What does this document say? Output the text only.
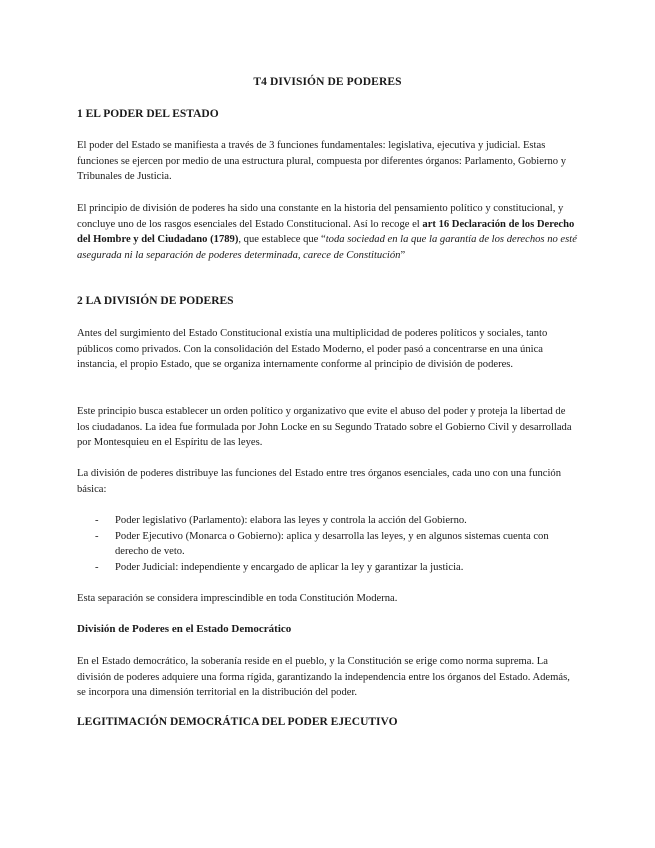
T4 DIVISIÓN DE PODERES
1 EL PODER DEL ESTADO

El poder del Estado se manifiesta a través de 3 funciones fundamentales: legislativa, ejecutiva y judicial. Estas funciones se ejercen por medio de una estructura plural, compuesta por diferentes órganos: Parlamento, Gobierno y Tribunales de Justicia.

El principio de división de poderes ha sido una constante en la historia del pensamiento político y constitucional, y concluye uno de los rasgos esenciales del Estado Constitucional. Así lo recoge el art 16 Declaración de los Derecho del Hombre y del Ciudadano (1789), que establece que “toda sociedad en la que la garantía de los derechos no esté asegurada ni la separación de poderes determinada, carece de Constitución”

2 LA DIVISIÓN DE PODERES

Antes del surgimiento del Estado Constitucional existía una multiplicidad de poderes políticos y sociales, tanto públicos como privados. Con la consolidación del Estado Moderno, el poder pasó a concentrarse en una única instancia, el propio Estado, que se organiza internamente conforme al principio de división de poderes.

Este principio busca establecer un orden político y organizativo que evite el abuso del poder y proteja la libertad de los ciudadanos. La idea fue formulada por John Locke en su Segundo Tratado sobre el Gobierno Civil y desarrollada por Montesquieu en el Espíritu de las leyes.

La división de poderes distribuye las funciones del Estado entre tres órganos esenciales, cada uno con una función básica:

- Poder legislativo (Parlamento): elabora las leyes y controla la acción del Gobierno.
- Poder Ejecutivo (Monarca o Gobierno): aplica y desarrolla las leyes, y en algunos sistemas cuenta con derecho de veto.
- Poder Judicial: independiente y encargado de aplicar la ley y garantizar la justicia.

Esta separación se considera imprescindible en toda Constitución Moderna.

División de Poderes en el Estado Democrático

En el Estado democrático, la soberanía reside en el pueblo, y la Constitución se erige como norma suprema. La división de poderes adquiere una forma rígida, garantizando la independencia entre los órganos del Estado. Además, se incorpora una dimensión territorial en la distribución del poder.

LEGITIMACIÓN DEMOCRÁTICA DEL PODER EJECUTIVO
